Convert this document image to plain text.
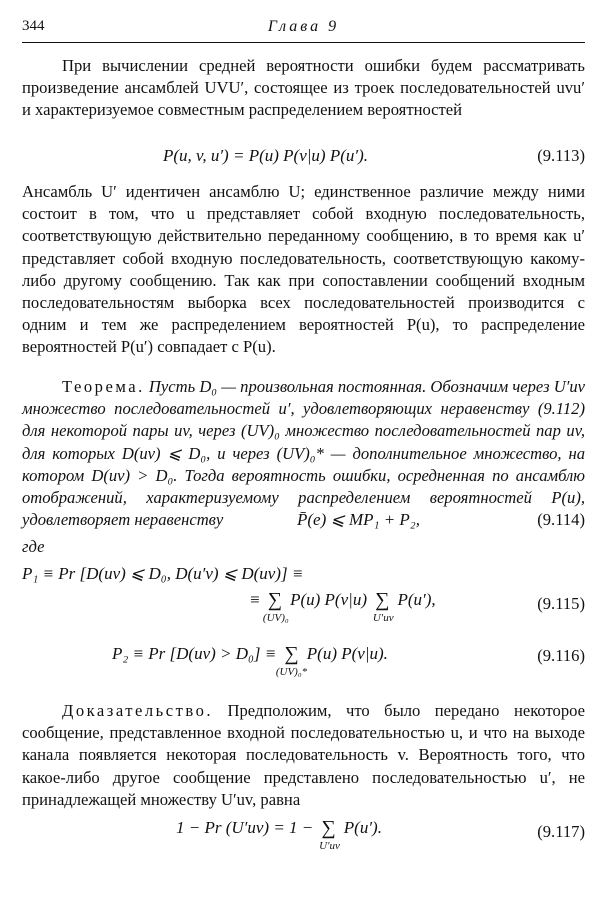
344	Глава 9

При вычислении средней вероятности ошибки будем рассматривать произведение ансамблей UVU′, состоящее из троек последовательностей uvu′ и характеризуемое совместным распределением вероятностей

P(u, v, u′) = P(u) P(v|u) P(u′).	(9.113)

Ансамбль U′ идентичен ансамблю U; единственное различие между ними состоит в том, что u представляет собой входную последовательность, соответствующую действительно переданному сообщению, в то время как u′ представляет собой входную последовательность, соответствующую какому-либо другому сообщению. Так как при сопоставлении сообщений входным последовательностям выборка всех последовательностей производится с одним и тем же распределением вероятностей P(u), то распределение вероятностей P(u′) совпадает с P(u).

Теорема. Пусть D₀ — произвольная постоянная. Обозначим через U′uv множество последовательностей u′, удовлетворяющих неравенству (9.112) для некоторой пары uv, через (UV)₀ множество последовательностей пар uv, для которых D(uv) ⩽ D₀, и через (UV)₀* — дополнительное множество, на котором D(uv) > D₀. Тогда вероятность ошибки, осредненная по ансамблю отображений, характеризуемому распределением вероятностей P(u), удовлетворяет неравенству	P̄(e) ⩽ MP₁ + P₂,	(9.114)
где
P₁ ≡ Pr [D(uv) ⩽ D₀, D(u′v) ⩽ D(uv)] ≡
≡ ∑
(UV)₀
P(u) P(v|u) ∑
U′uv
P(u′),	(9.115)
P₂ ≡ Pr [D(uv) > D₀] ≡ ∑
(UV)₀*
P(u) P(v|u).	(9.116)

Доказательство. Предположим, что было передано некоторое сообщение, представленное входной последовательностью u, и что на выходе канала появляется некоторая последовательность v. Вероятность того, что какое-либо другое сообщение представлено последовательностью u′, не принадлежащей множеству U′uv, равна

1 − Pr (U′uv) = 1 − ∑
U′uv
P(u′).	(9.117)
